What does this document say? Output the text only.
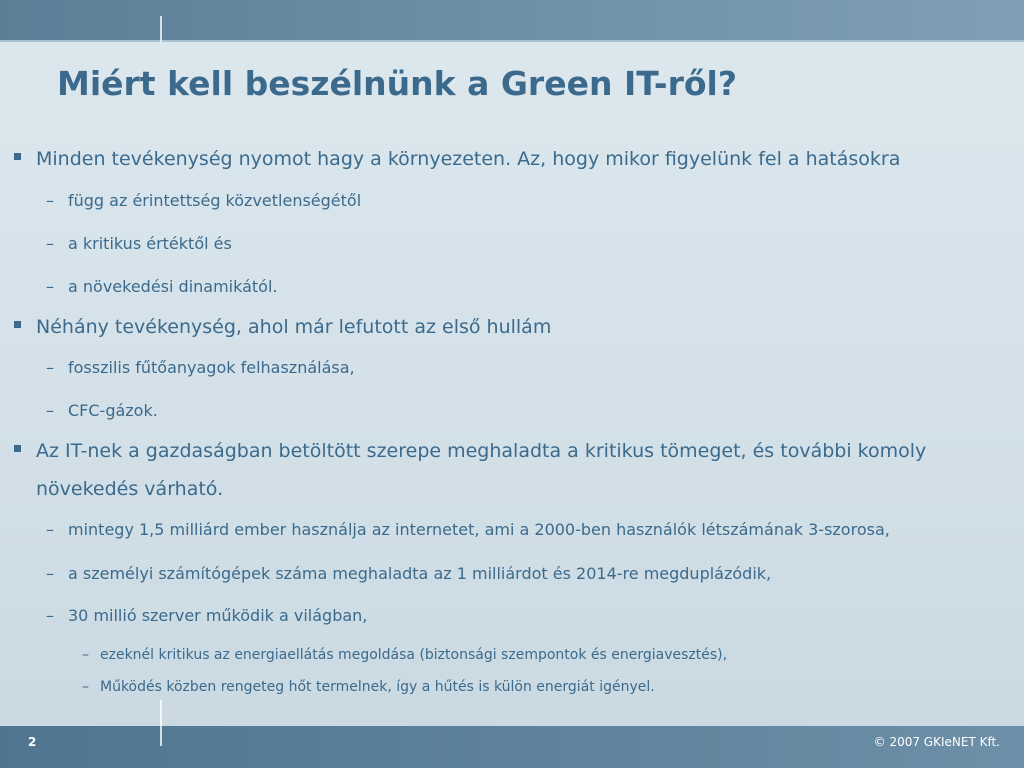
Miért kell beszélnünk a Green IT-ről?
Minden tevékenység nyomot hagy a környezeten. Az, hogy mikor figyelünk fel a hatásokra
– függ az érintettség közvetlenségétől
– a kritikus értéktől és
– a növekedési dinamikától.
Néhány tevékenység, ahol már lefutott az első hullám
– fosszilis fűtőanyagok felhasználása,
– CFC-gázok.
Az IT-nek a gazdaságban betöltött szerepe meghaladta a kritikus tömeget, és további komoly növekedés várható.
– mintegy 1,5 milliárd ember használja az internetet, ami a 2000-ben használók létszámának 3-szorosa,
– a személyi számítógépek száma meghaladta az 1 milliárdot és 2014-re megduplázódik,
– 30 millió szerver működik a világban,
– ezeknél kritikus az energiaellátás megoldása (biztonsági szempontok és energiavesztés),
– Működés közben rengeteg hőt termelnek, így a hűtés is külön energiát igényel.
2	© 2007 GKIeNET Kft.
